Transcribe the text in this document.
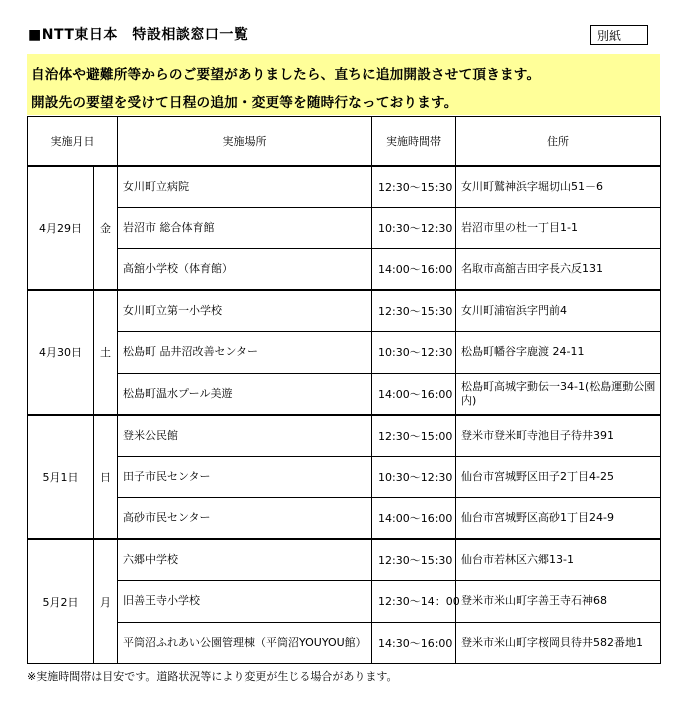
■NTT東日本　特設相談窓口一覧	別紙
自治体や避難所等からのご要望がありましたら、直ちに追加開設させて頂きます。
開設先の要望を受けて日程の追加・変更等を随時行なっております。
実施月日		実施場所	実施時間帯	住所
4月29日	金	女川町立病院	12:30～15:30	女川町鷲神浜字堀切山51－6
		岩沼市 総合体育館	10:30～12:30	岩沼市里の杜一丁目1-1
		高舘小学校（体育館）	14:00～16:00	名取市高舘吉田字長六反131
4月30日	土	女川町立第一小学校	12:30～15:30	女川町浦宿浜字門前4
		松島町 品井沼改善センター	10:30～12:30	松島町幡谷字鹿渡 24-11
		松島町温水プール美遊	14:00～16:00	松島町高城字動伝一34-1(松島運動公園内)
5月1日	日	登米公民館	12:30～15:00	登米市登米町寺池目子待井391
		田子市民センター	10:30～12:30	仙台市宮城野区田子2丁目4-25
		高砂市民センター	14:00～16:00	仙台市宮城野区高砂1丁目24-9
5月2日	月	六郷中学校	12:30～15:30	仙台市若林区六郷13-1
		旧善王寺小学校	12:30～14：00	登米市米山町字善王寺石神68
		平筒沼ふれあい公園管理棟（平筒沼YOUYOU館）	14:30～16:00	登米市米山町字桜岡貝待井582番地1
※実施時間帯は目安です。道路状況等により変更が生じる場合があります。
